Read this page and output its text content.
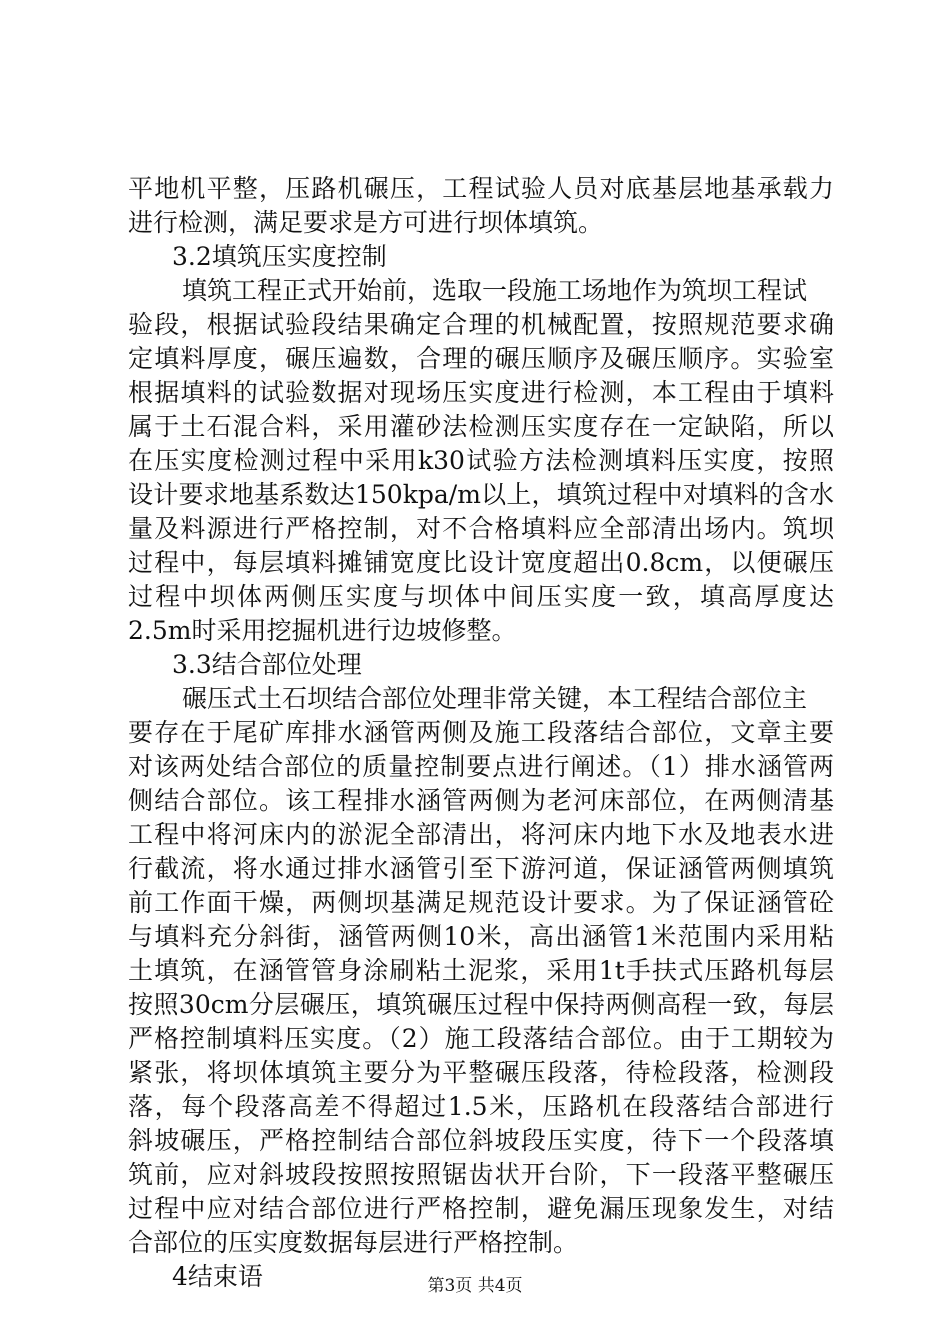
平地机平整，压路机碾压，工程试验人员对底基层地基承载力
进行检测，满足要求是方可进行坝体填筑。
3.2填筑压实度控制
填筑工程正式开始前，选取一段施工场地作为筑坝工程试
验段，根据试验段结果确定合理的机械配置，按照规范要求确
定填料厚度，碾压遍数，合理的碾压顺序及碾压顺序。实验室
根据填料的试验数据对现场压实度进行检测，本工程由于填料
属于土石混合料，采用灌砂法检测压实度存在一定缺陷，所以
在压实度检测过程中采用k30试验方法检测填料压实度，按照
设计要求地基系数达150kpa/m以上，填筑过程中对填料的含水
量及料源进行严格控制，对不合格填料应全部清出场内。筑坝
过程中，每层填料摊铺宽度比设计宽度超出0.8cm，以便碾压
过程中坝体两侧压实度与坝体中间压实度一致，填高厚度达
2.5m时采用挖掘机进行边坡修整。
3.3结合部位处理
碾压式土石坝结合部位处理非常关键，本工程结合部位主
要存在于尾矿库排水涵管两侧及施工段落结合部位，文章主要
对该两处结合部位的质量控制要点进行阐述。（1）排水涵管两
侧结合部位。该工程排水涵管两侧为老河床部位，在两侧清基
工程中将河床内的淤泥全部清出，将河床内地下水及地表水进
行截流，将水通过排水涵管引至下游河道，保证涵管两侧填筑
前工作面干燥，两侧坝基满足规范设计要求。为了保证涵管砼
与填料充分斜街，涵管两侧10米，高出涵管1米范围内采用粘
土填筑，在涵管管身涂刷粘土泥浆，采用1t手扶式压路机每层
按照30cm分层碾压，填筑碾压过程中保持两侧高程一致，每层
严格控制填料压实度。（2）施工段落结合部位。由于工期较为
紧张，将坝体填筑主要分为平整碾压段落，待检段落，检测段
落，每个段落高差不得超过1.5米，压路机在段落结合部进行
斜坡碾压，严格控制结合部位斜坡段压实度，待下一个段落填
筑前，应对斜坡段按照按照锯齿状开台阶，下一段落平整碾压
过程中应对结合部位进行严格控制，避免漏压现象发生，对结
合部位的压实度数据每层进行严格控制。
4结束语	第3页 共4页
